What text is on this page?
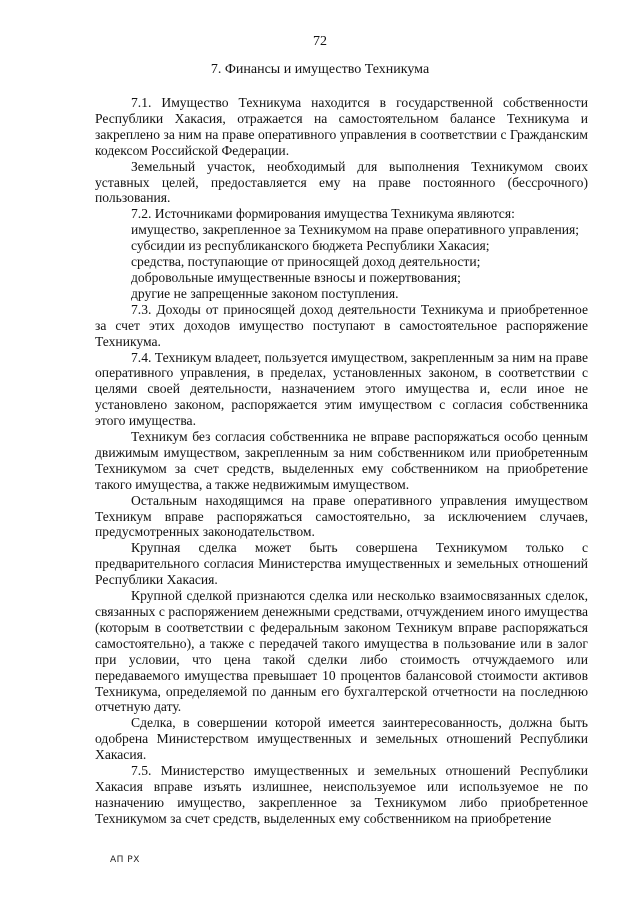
72
7. Финансы и имущество Техникума

7.1. Имущество Техникума находится в государственной собственности Республики Хакасия, отражается на самостоятельном балансе Техникума и закреплено за ним на праве оперативного управления в соответствии с Гражданским кодексом Российской Федерации.

Земельный участок, необходимый для выполнения Техникумом своих уставных целей, предоставляется ему на праве постоянного (бессрочного) пользования.

7.2. Источниками формирования имущества Техникума являются:

имущество, закрепленное за Техникумом на праве оперативного управления;

субсидии из республиканского бюджета Республики Хакасия;

средства, поступающие от приносящей доход деятельности;

добровольные имущественные взносы и пожертвования;

другие не запрещенные законом поступления.

7.3. Доходы от приносящей доход деятельности Техникума и приобретенное за счет этих доходов имущество поступают в самостоятельное распоряжение Техникума.

7.4. Техникум владеет, пользуется имуществом, закрепленным за ним на праве оперативного управления, в пределах, установленных законом, в соответствии с целями своей деятельности, назначением этого имущества и, если иное не установлено законом, распоряжается этим имуществом с согласия собственника этого имущества.

Техникум без согласия собственника не вправе распоряжаться особо ценным движимым имуществом, закрепленным за ним собственником или приобретенным Техникумом за счет средств, выделенных ему собственником на приобретение такого имущества, а также недвижимым имуществом.

Остальным находящимся на праве оперативного управления имуществом Техникум вправе распоряжаться самостоятельно, за исключением случаев, предусмотренных законодательством.

Крупная сделка может быть совершена Техникумом только с предварительного согласия Министерства имущественных и земельных отношений Республики Хакасия.

Крупной сделкой признаются сделка или несколько взаимосвязанных сделок, связанных с распоряжением денежными средствами, отчуждением иного имущества (которым в соответствии с федеральным законом Техникум вправе распоряжаться самостоятельно), а также с передачей такого имущества в пользование или в залог при условии, что цена такой сделки либо стоимость отчуждаемого или передаваемого имущества превышает 10 процентов балансовой стоимости активов Техникума, определяемой по данным его бухгалтерской отчетности на последнюю отчетную дату.

Сделка, в совершении которой имеется заинтересованность, должна быть одобрена Министерством имущественных и земельных отношений Республики Хакасия.

7.5. Министерство имущественных и земельных отношений Республики Хакасия вправе изъять излишнее, неиспользуемое или используемое не по назначению имущество, закрепленное за Техникумом либо приобретенное Техникумом за счет средств, выделенных ему собственником на приобретение

АП РХ
